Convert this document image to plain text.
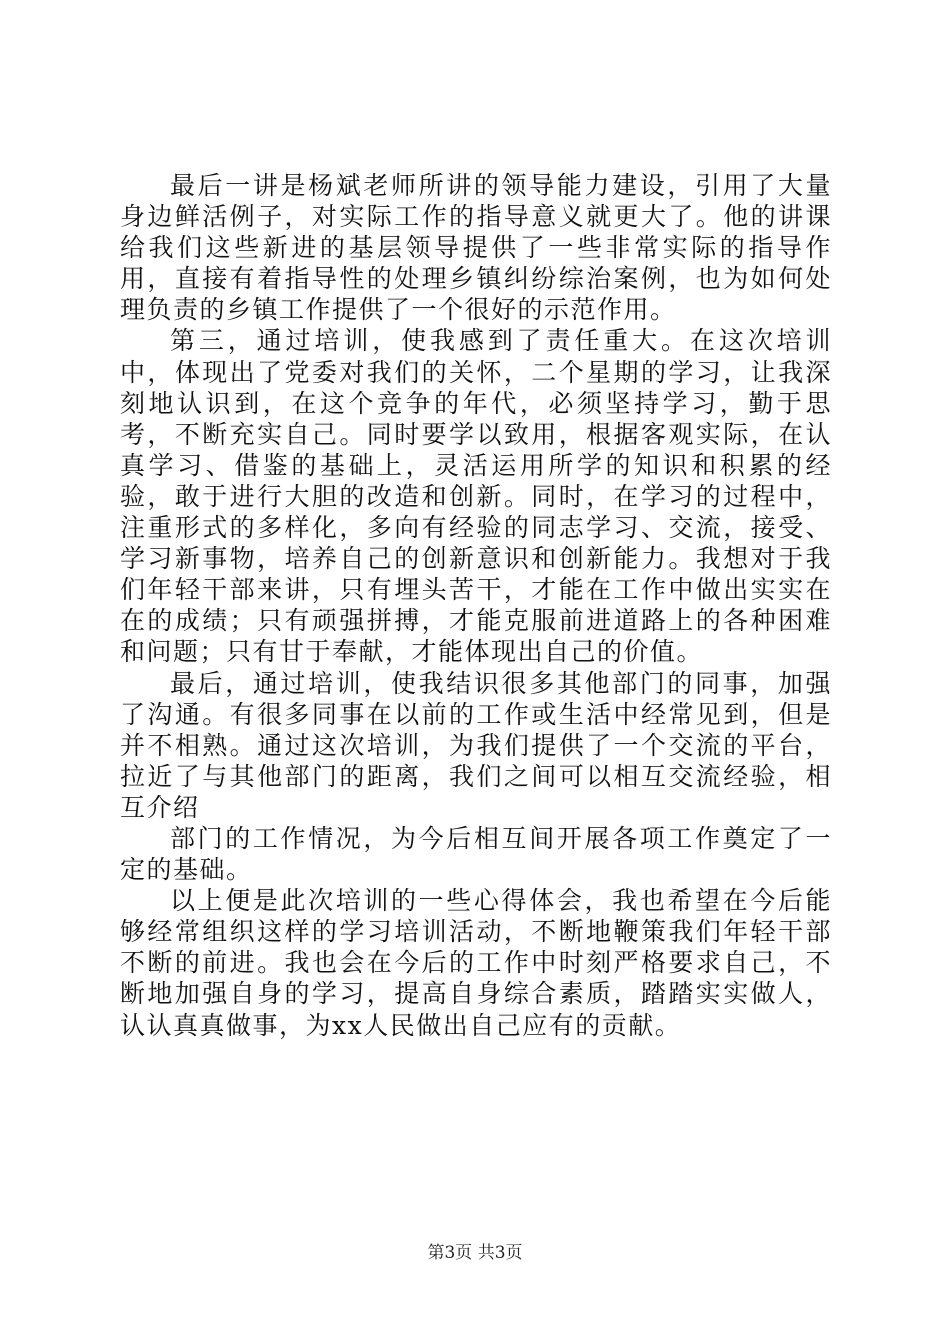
最后一讲是杨斌老师所讲的领导能力建设，引用了大量身边鲜活例子，对实际工作的指导意义就更大了。他的讲课给我们这些新进的基层领导提供了一些非常实际的指导作用，直接有着指导性的处理乡镇纠纷综治案例，也为如何处理负责的乡镇工作提供了一个很好的示范作用。

第三，通过培训，使我感到了责任重大。在这次培训中，体现出了党委对我们的关怀，二个星期的学习，让我深刻地认识到，在这个竞争的年代，必须坚持学习，勤于思考，不断充实自己。同时要学以致用，根据客观实际，在认真学习、借鉴的基础上，灵活运用所学的知识和积累的经验，敢于进行大胆的改造和创新。同时，在学习的过程中，注重形式的多样化，多向有经验的同志学习、交流，接受、学习新事物，培养自己的创新意识和创新能力。我想对于我们年轻干部来讲，只有埋头苦干，才能在工作中做出实实在在的成绩；只有顽强拼搏，才能克服前进道路上的各种困难和问题；只有甘于奉献，才能体现出自己的价值。

最后，通过培训，使我结识很多其他部门的同事，加强了沟通。有很多同事在以前的工作或生活中经常见到，但是并不相熟。通过这次培训，为我们提供了一个交流的平台，拉近了与其他部门的距离，我们之间可以相互交流经验，相互介绍

部门的工作情况，为今后相互间开展各项工作奠定了一定的基础。

以上便是此次培训的一些心得体会，我也希望在今后能够经常组织这样的学习培训活动，不断地鞭策我们年轻干部不断的前进。我也会在今后的工作中时刻严格要求自己，不断地加强自身的学习，提高自身综合素质，踏踏实实做人，认认真真做事，为xx人民做出自己应有的贡献。

第3页 共3页
